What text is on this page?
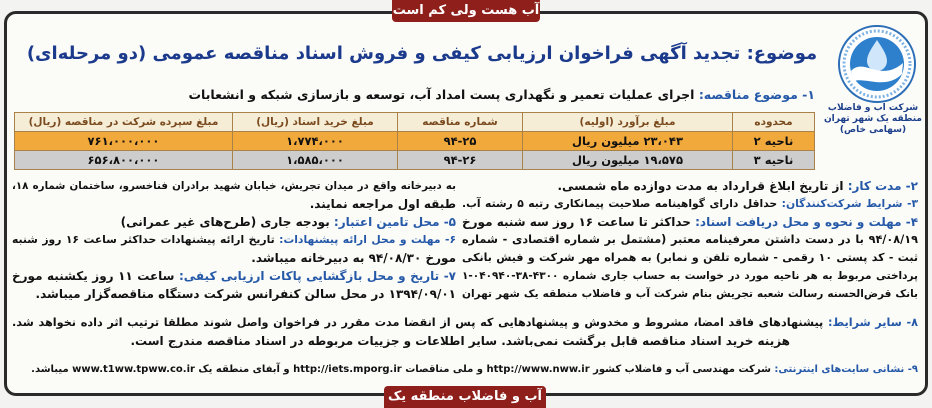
آب هست ولی کم است
شرکت آب و فاضلاب
منطقه یک شهر تهران
(سهامی خاص)
موضوع: تجدید آگهی فراخوان ارزیابی کیفی و فروش اسناد مناقصه عمومی (دو مرحله‌ای)
۱- موضوع مناقصه: اجرای عملیات تعمیر و نگهداری پست امداد آب، توسعه و بازسازی شبکه و انشعابات
محدوده	مبلغ برآورد (اولیه)	شماره مناقصه	مبلغ خرید اسناد (ریال)	مبلغ سپرده شرکت در مناقصه (ریال)
ناحیه ۲	۲۳،۰۴۳ میلیون ریال	۹۴-۲۵	۱،۷۷۴،۰۰۰	۷۶۱،۰۰۰،۰۰۰
ناحیه ۳	۱۹،۵۷۵ میلیون ریال	۹۴-۲۶	۱،۵۸۵،۰۰۰	۶۵۶،۸۰۰،۰۰۰
۲- مدت کار: از تاریخ ابلاغ قرارداد به مدت دوازده ماه شمسی.
۳- شرایط شرکت‌کنندگان: حداقل دارای گواهینامه صلاحیت پیمانکاری رتبه ۵ رشته آب.
۴- مهلت و نحوه و محل دریافت اسناد: حداکثر تا ساعت ۱۶ روز سه شنبه مورخ
۹۴/۰۸/۱۹ با در دست داشتن معرفینامه معتبر (مشتمل بر شماره اقتصادی - شماره
ثبت - کد پستی ۱۰ رقمی - شماره تلفن و نمابر) به همراه مهر شرکت و فیش بانکی
پرداختی مربوط به هر ناحیه مورد در خواست به حساب جاری شماره ۴۳۰۰-۳۸-۰۴۰۹۴۰-۱
بانک قرض‌الحسنه رسالت شعبه تجریش بنام شرکت آب و فاضلاب منطقه یک شهر تهران
به دبیرخانه واقع در میدان تجریش، خیابان شهید برادران فناخسرو، ساختمان شماره ۱۸،
طبقه اول مراجعه نمایند.
۵- محل تامین اعتبار: بودجه جاری (طرح‌های غیر عمرانی)
۶- مهلت و محل ارائه پیشنهادات: تاریخ ارائه پیشنهادات حداکثر ساعت ۱۶ روز شنبه
مورخ ۹۴/۰۸/۳۰ به دبیرخانه میباشد.
۷- تاریخ و محل بازگشایی پاکات ارزیابی کیفی: ساعت ۱۱ روز یکشنبه مورخ
۱۳۹۴/۰۹/۰۱ در محل سالن کنفرانس شرکت دستگاه مناقصه‌گزار میباشد.
۸- سایر شرایط: پیشنهادهای فاقد امضا، مشروط و مخدوش و پیشنهادهایی که پس از انقضا مدت مقرر در فراخوان واصل شوند مطلقا ترتیب اثر داده نخواهد شد.
هزینه خرید اسناد مناقصه قابل برگشت نمی‌باشد. سایر اطلاعات و جزییات مربوطه در اسناد مناقصه مندرج است.
۹- نشانی سایت‌های اینترنتی: شرکت مهندسی آب و فاضلاب کشور http://www.nww.ir و ملی مناقصات http://iets.mporg.ir و آبفای منطقه یک www.t1ww.tpww.co.ir میباشد.
آب و فاضلاب منطقه یک
